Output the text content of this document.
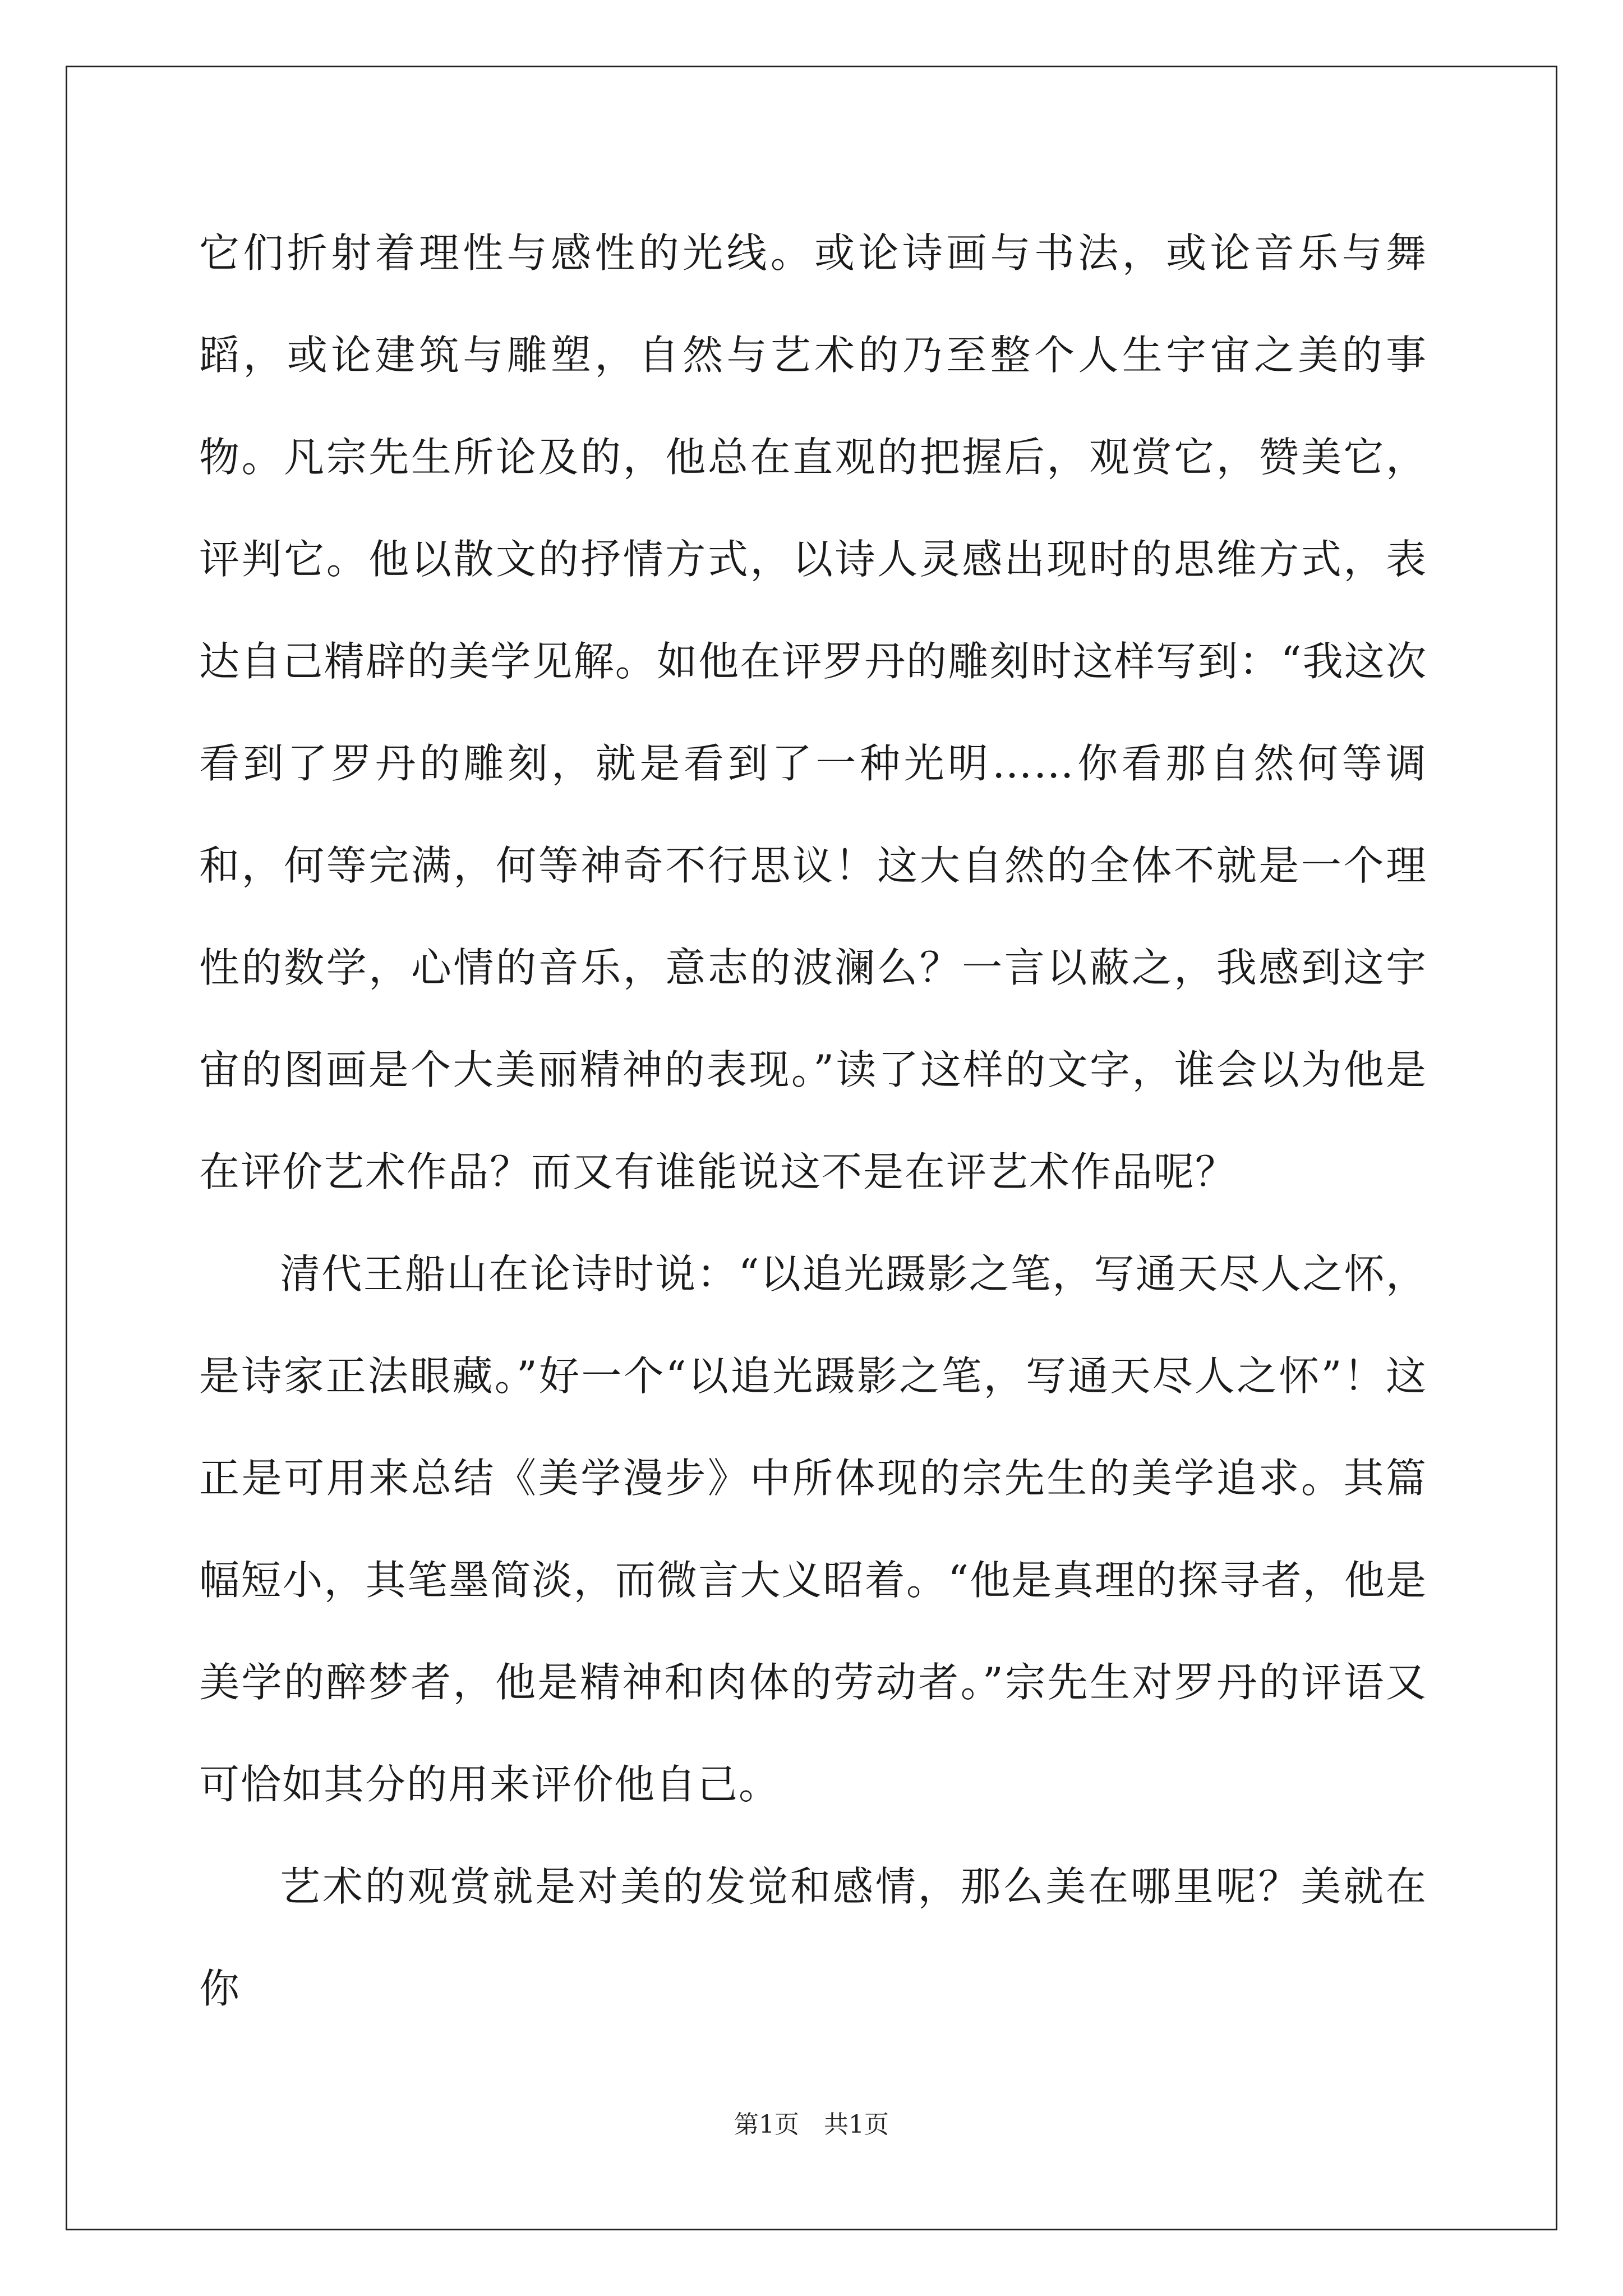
它们折射着理性与感性的光线。或论诗画与书法，或论音乐与舞蹈，或论建筑与雕塑，自然与艺术的乃至整个人生宇宙之美的事物。凡宗先生所论及的，他总在直观的把握后，观赏它，赞美它，评判它。他以散文的抒情方式，以诗人灵感出现时的思维方式，表达自己精辟的美学见解。如他在评罗丹的雕刻时这样写到：“我这次看到了罗丹的雕刻，就是看到了一种光明……你看那自然何等调和，何等完满，何等神奇不行思议！这大自然的全体不就是一个理性的数学，心情的音乐，意志的波澜么？一言以蔽之，我感到这宇宙的图画是个大美丽精神的表现。”读了这样的文字，谁会以为他是在评价艺术作品？而又有谁能说这不是在评艺术作品呢？

清代王船山在论诗时说：“以追光蹑影之笔，写通天尽人之怀，是诗家正法眼藏。”好一个“以追光蹑影之笔，写通天尽人之怀”！这正是可用来总结《美学漫步》中所体现的宗先生的美学追求。其篇幅短小，其笔墨简淡，而微言大义昭着。“他是真理的探寻者，他是美学的醉梦者，他是精神和肉体的劳动者。”宗先生对罗丹的评语又可恰如其分的用来评价他自己。

艺术的观赏就是对美的发觉和感情，那么美在哪里呢？美就在你

第1页　共1页
